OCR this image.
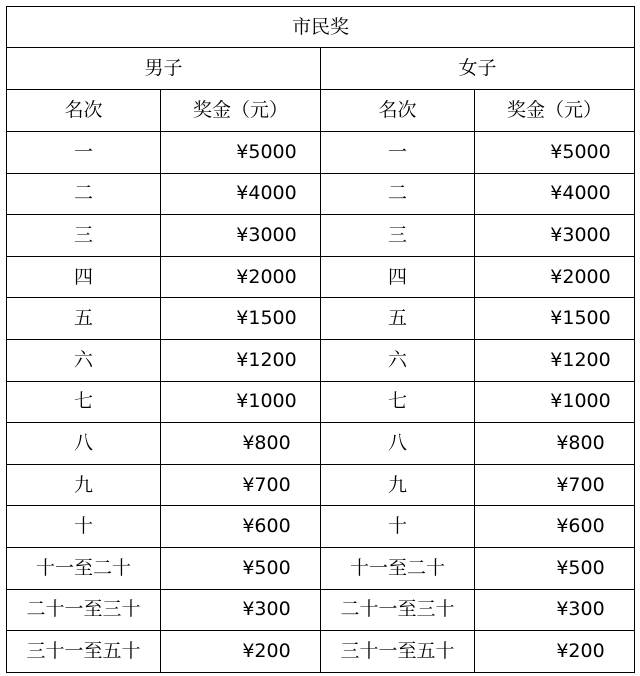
市民奖			
男子		女子	
名次	奖金（元）	名次	奖金（元）
一	¥5000	一	¥5000
二	¥4000	二	¥4000
三	¥3000	三	¥3000
四	¥2000	四	¥2000
五	¥1500	五	¥1500
六	¥1200	六	¥1200
七	¥1000	七	¥1000
八	¥800	八	¥800
九	¥700	九	¥700
十	¥600	十	¥600
十一至二十	¥500	十一至二十	¥500
二十一至三十	¥300	二十一至三十	¥300
三十一至五十	¥200	三十一至五十	¥200
